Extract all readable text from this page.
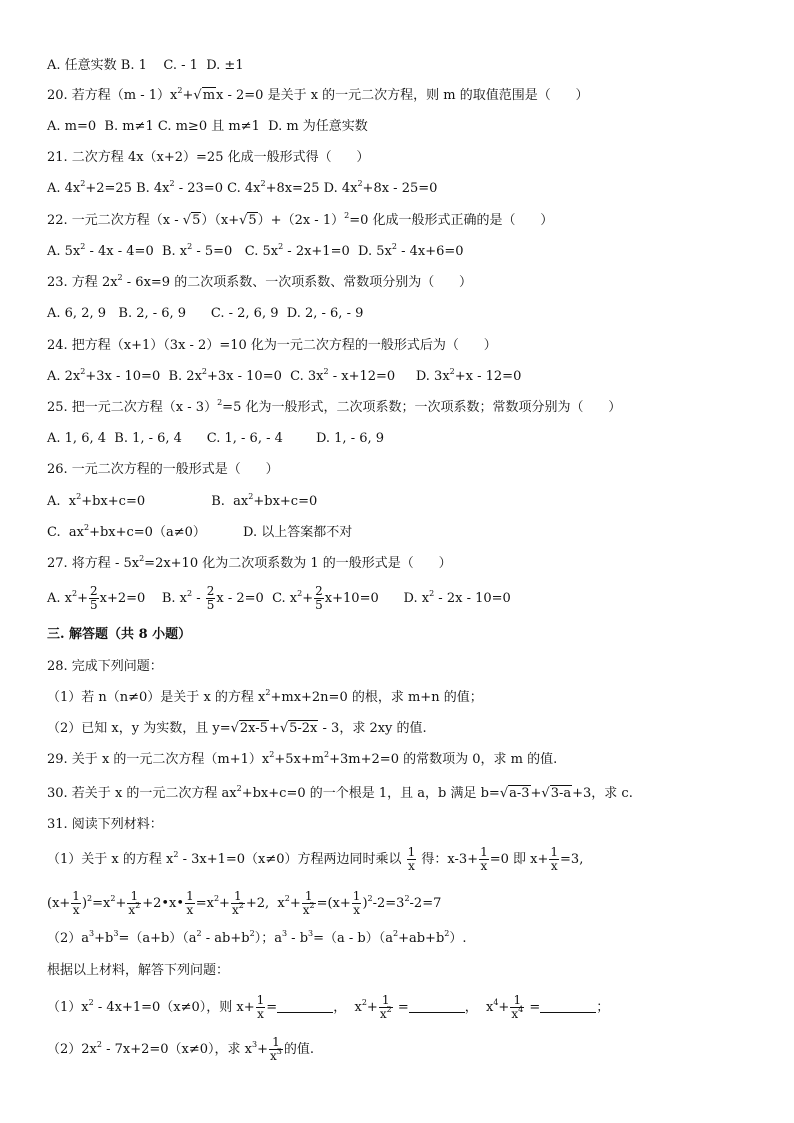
A. 任意实数 B. 1    C. - 1  D. ±1
20. 若方程$(m - 1)x^2+√mx - 2=0$ 是关于 x 的一元二次方程，则 m 的取值范围是（      ）
A. m=0  B. m≠1 C. m≥0 且 m≠1  D. m 为任意实数
21. 二次方程 4x（x+2）=25 化成一般形式得（      ）
A. $4x^2+2=25$ B. $4x^2 - 23=0$ C. $4x^2+8x=25$ D. $4x^2+8x - 25=0$
22. 一元二次方程（x - √5）（x+√5）+（2x - 1）$^2$=0 化成一般形式正确的是（      ）
A. $5x^2 - 4x - 4=0$  B. $x^2 - 5=0$   C. $5x^2 - 2x+1=0$  D. $5x^2 - 4x+6=0$
23. 方程 $2x^2 - 6x=9$ 的二次项系数、一次项系数、常数项分别为（      ）
A. 6, 2, 9   B. 2, - 6, 9      C. - 2, 6, 9  D. 2, - 6, - 9
24. 把方程（x+1）（3x - 2）=10 化为一元二次方程的一般形式后为（      ）
A. $2x^2+3x - 10=0$  B. $2x^2+3x - 10=0$  C. $3x^2 - x+12=0$     D. $3x^2+x - 12=0$
25. 把一元二次方程（x - 3）$^2$=5 化为一般形式，二次项系数；一次项系数；常数项分别为（      ）
A. 1, 6, 4  B. 1, - 6, 4      C. 1, - 6, - 4        D. 1, - 6, 9
26. 一元二次方程的一般形式是（      ）
A.  $x^2+bx+c=0$                B.  $ax^2+bx+c=0$
C.  $ax^2+bx+c=0(a\ne 0)$         D. 以上答案都不对
27. 将方程 - $5x^2=2x+10$ 化为二次项系数为 1 的一般形式是（      ）
A. $x^2+ \frac{2}{5} x+2=0$    B. $x^2 - \frac{2}{5}$ x - 2=0  C. $x^2+ \frac{2}{5} x+10=0$      D. $x^2 - 2x - 10=0$
三. 解答题（共 8 小题）
28. 完成下列问题：
（1）若 n（n≠0）是关于 x 的方程 $x^2+mx+2n=0$ 的根，求 m+n 的值；
（2）已知 x，y 为实数，且 y=√2x-5+√5-2x - 3，求 2xy 的值.
29. 关于 x 的一元二次方程$(m+1)x^2+5x+m^2+3m+2=0$ 的常数项为 0，求 m 的值.
30. 若关于 x 的一元二次方程 $ax^2+bx+c=0$ 的一个根是 1，且 a，b 满足 b=√a-3+√3-a+3，求 c.
31. 阅读下列材料：
（1）关于 x 的方程 $x^2 - 3x+1=0(x\ne 0)$方程两边同时乘以 $\frac{1}{x}$ 得：$x-3+ \frac{1}{x} =0$ 即 $x+ \frac{1}{x} =3$,
$(x+ \frac{1}{x} )^2=x^2+ \frac{1}{x^2}$ +2•x• $\frac{1}{x} =x^2+ \frac{1}{x^2} +2$,  $x^2+ \frac{1}{x^2} =(x+ \frac{1}{x} )^2-2=3^2-2=7$
$(2)a^3+b^3=(a+b)(a^2 - ab+b^2)$；$a^3 - b^3=(a - b)(a^2+ab+b^2)$.
根据以上材料，解答下列问题：
$(1)x^2 - 4x+1=0(x\ne 0)$，则 $x+ \frac{1}{x}$ =	，  $x^2+ \frac{1}{x^2}$ =	，  $x^4+ \frac{1}{x^4}$ =	；
$(2)2x^2 - 7x+2=0(x\ne 0)$，求 $x^3+ \frac{1}{x^3}$ 的值.
